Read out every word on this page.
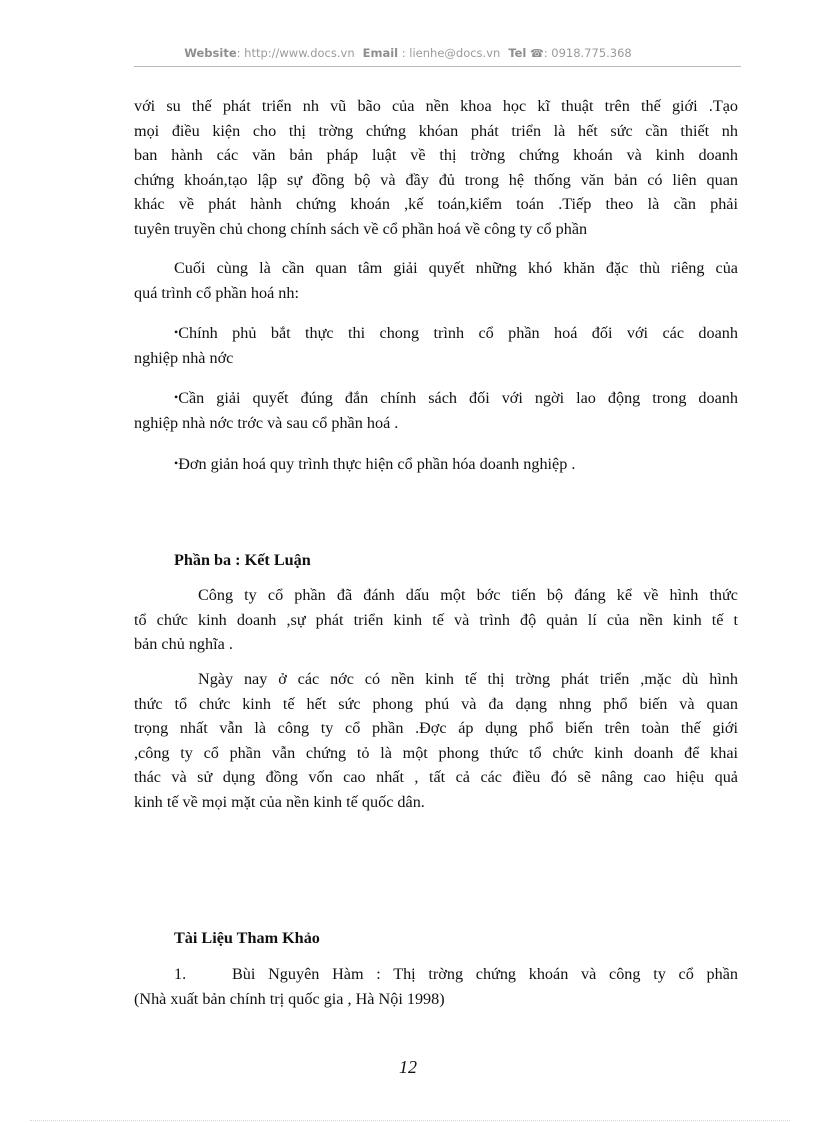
Website: http://www.docs.vn Email : lienhe@docs.vn Tel ☎: 0918.775.368
với su thế phát triển nh vũ bão của nền khoa học kĩ thuật trên thế giới .Tạo
mọi điều kiện cho thị trờng chứng khóan phát triển là hết sức cần thiết nh
ban hành các văn bản pháp luật về thị trờng chứng khoán và kinh doanh
chứng khoán,tạo lập sự đồng bộ và đầy đủ trong hệ thống văn bản có liên quan
khác về phát hành chứng khoán ,kế toán,kiểm toán .Tiếp theo là cần phải
tuyên truyền chủ chong chính sách về cổ phần hoá về công ty cổ phần
Cuối cùng là cần quan tâm giải quyết những khó khăn đặc thù riêng của
quá trình cổ phần hoá nh:
•Chính phủ bắt thực thi chong trình cổ phần hoá đối với các doanh
nghiệp nhà nớc
•Cần giải quyết đúng đắn chính sách đối với ngời lao động trong doanh
nghiệp nhà nớc trớc và sau cổ phần hoá .
•Đơn giản hoá quy trình thực hiện cổ phần hóa doanh nghiệp .
Phần ba : Kết Luận
Công ty cổ phần đã đánh dấu một bớc tiến bộ đáng kể về hình thức
tổ chức kinh doanh ,sự phát triển kinh tế và trình độ quản lí của nền kinh tế t
bản chủ nghĩa .
Ngày nay ở các nớc có nền kinh tế thị trờng phát triển ,mặc dù hình
thức tổ chức kinh tế hết sức phong phú và đa dạng nhng phổ biến và quan
trọng nhất vẫn là công ty cổ phần .Đợc áp dụng phổ biến trên toàn thế giới
,công ty cổ phần vẫn chứng tỏ là một phong thức tổ chức kinh doanh để khai
thác và sử dụng đồng vốn cao nhất , tất cả các điều đó sẽ nâng cao hiệu quả
kinh tế về mọi mặt của nền kinh tế quốc dân.
Tài Liệu Tham Khảo
1.	Bùi Nguyên Hàm : Thị trờng chứng khoán và công ty cổ phần
(Nhà xuất bản chính trị quốc gia , Hà Nội 1998)
12
